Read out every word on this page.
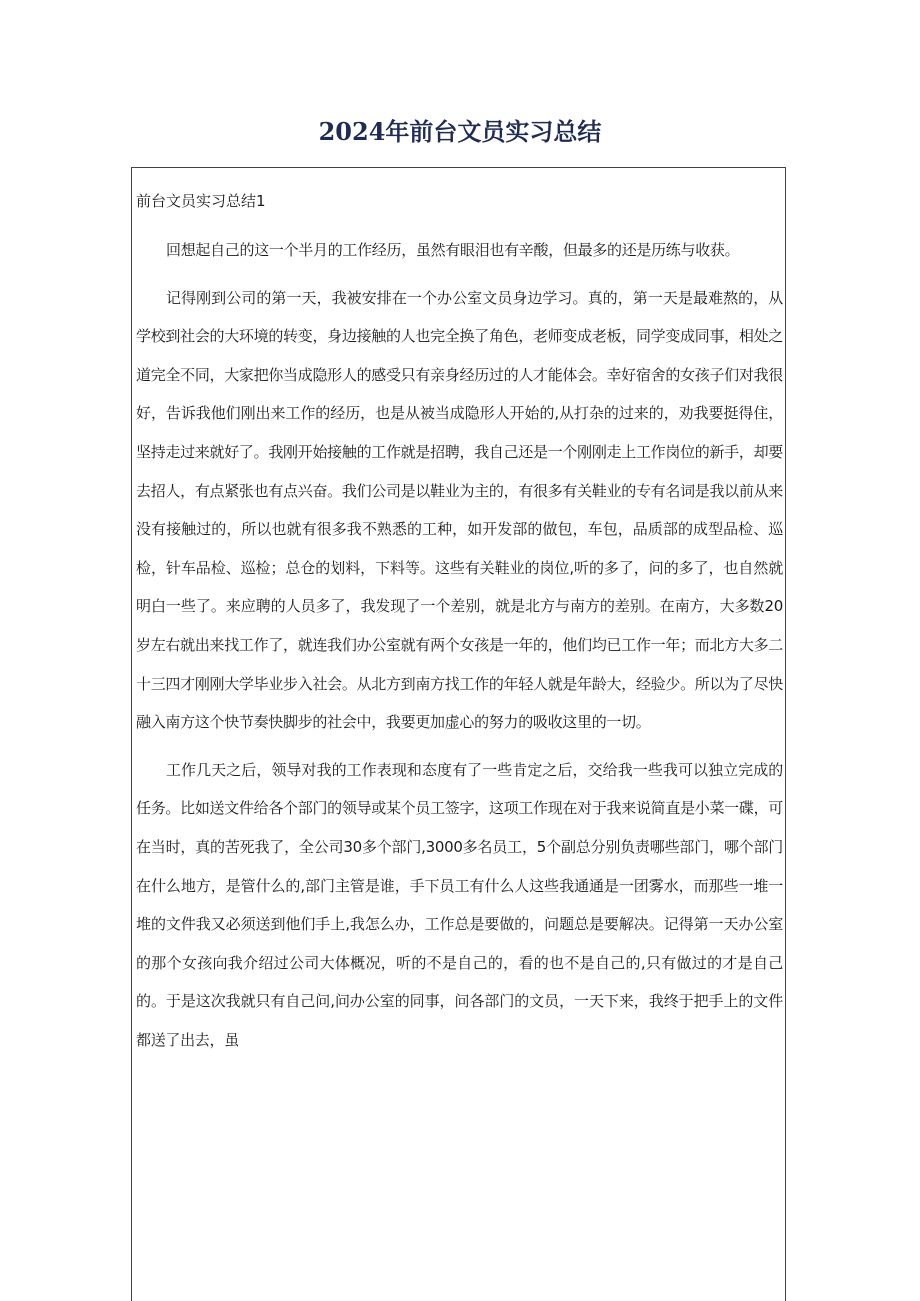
2024年前台文员实习总结

前台文员实习总结1

回想起自己的这一个半月的工作经历，虽然有眼泪也有辛酸，但最多的还是历练与收获。

记得刚到公司的第一天，我被安排在一个办公室文员身边学习。真的，第一天是最难熬的，从学校到社会的大环境的转变，身边接触的人也完全换了角色，老师变成老板，同学变成同事，相处之道完全不同，大家把你当成隐形人的感受只有亲身经历过的人才能体会。幸好宿舍的女孩子们对我很好，告诉我他们刚出来工作的经历，也是从被当成隐形人开始的,从打杂的过来的，劝我要挺得住，坚持走过来就好了。我刚开始接触的工作就是招聘，我自己还是一个刚刚走上工作岗位的新手，却要去招人，有点紧张也有点兴奋。我们公司是以鞋业为主的，有很多有关鞋业的专有名词是我以前从来没有接触过的，所以也就有很多我不熟悉的工种，如开发部的做包，车包，品质部的成型品检、巡检，针车品检、巡检；总仓的划料，下料等。这些有关鞋业的岗位,听的多了，问的多了，也自然就明白一些了。来应聘的人员多了，我发现了一个差别，就是北方与南方的差别。在南方，大多数20岁左右就出来找工作了，就连我们办公室就有两个女孩是一年的，他们均已工作一年；而北方大多二十三四才刚刚大学毕业步入社会。从北方到南方找工作的年轻人就是年龄大，经验少。所以为了尽快融入南方这个快节奏快脚步的社会中，我要更加虚心的努力的吸收这里的一切。

工作几天之后，领导对我的工作表现和态度有了一些肯定之后，交给我一些我可以独立完成的任务。比如送文件给各个部门的领导或某个员工签字，这项工作现在对于我来说简直是小菜一碟，可在当时，真的苦死我了，全公司30多个部门,3000多名员工，5个副总分别负责哪些部门，哪个部门在什么地方，是管什么的,部门主管是谁，手下员工有什么人这些我通通是一团雾水，而那些一堆一堆的文件我又必须送到他们手上,我怎么办，工作总是要做的，问题总是要解决。记得第一天办公室的那个女孩向我介绍过公司大体概况，听的不是自己的，看的也不是自己的,只有做过的才是自己的。于是这次我就只有自己问,问办公室的同事，问各部门的文员，一天下来，我终于把手上的文件都送了出去，虽
